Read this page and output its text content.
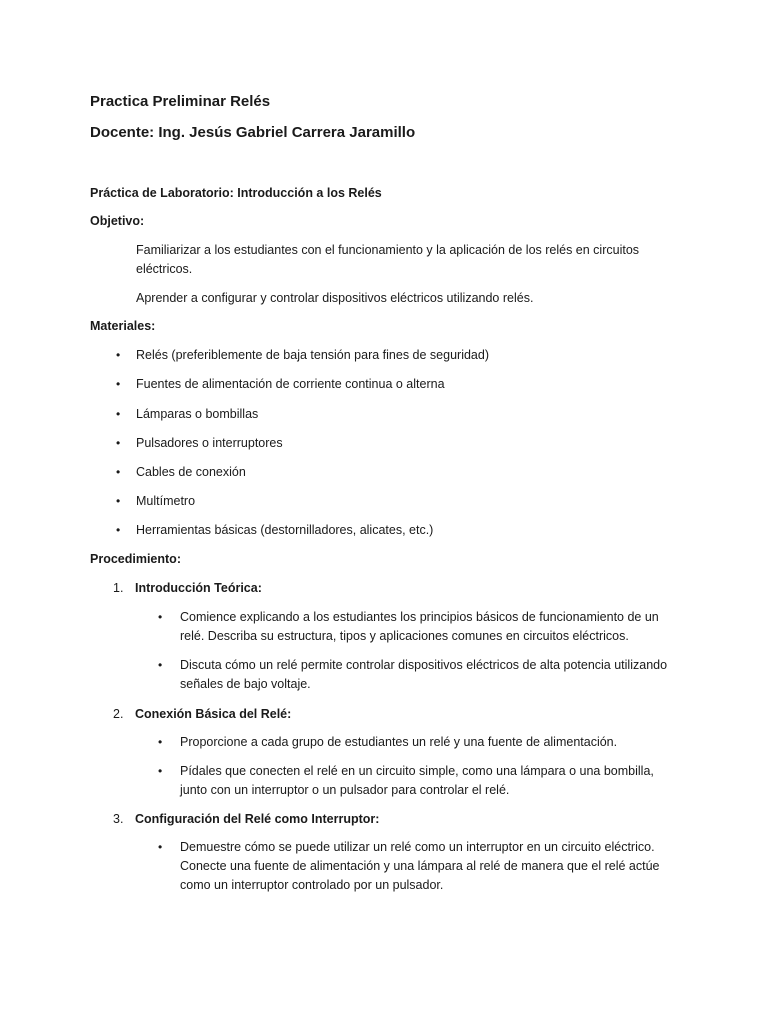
Practica Preliminar Relés
Docente: Ing. Jesús Gabriel Carrera Jaramillo

Práctica de Laboratorio: Introducción a los Relés

Objetivo:

Familiarizar a los estudiantes con el funcionamiento y la aplicación de los relés en circuitos eléctricos.

Aprender a configurar y controlar dispositivos eléctricos utilizando relés.

Materiales:

• Relés (preferiblemente de baja tensión para fines de seguridad)
• Fuentes de alimentación de corriente continua o alterna
• Lámparas o bombillas
• Pulsadores o interruptores
• Cables de conexión
• Multímetro
• Herramientas básicas (destornilladores, alicates, etc.)

Procedimiento:

1. Introducción Teórica:
• Comience explicando a los estudiantes los principios básicos de funcionamiento de un relé. Describa su estructura, tipos y aplicaciones comunes en circuitos eléctricos.
• Discuta cómo un relé permite controlar dispositivos eléctricos de alta potencia utilizando señales de bajo voltaje.
2. Conexión Básica del Relé:
• Proporcione a cada grupo de estudiantes un relé y una fuente de alimentación.
• Pídales que conecten el relé en un circuito simple, como una lámpara o una bombilla, junto con un interruptor o un pulsador para controlar el relé.
3. Configuración del Relé como Interruptor:
• Demuestre cómo se puede utilizar un relé como un interruptor en un circuito eléctrico. Conecte una fuente de alimentación y una lámpara al relé de manera que el relé actúe como un interruptor controlado por un pulsador.
